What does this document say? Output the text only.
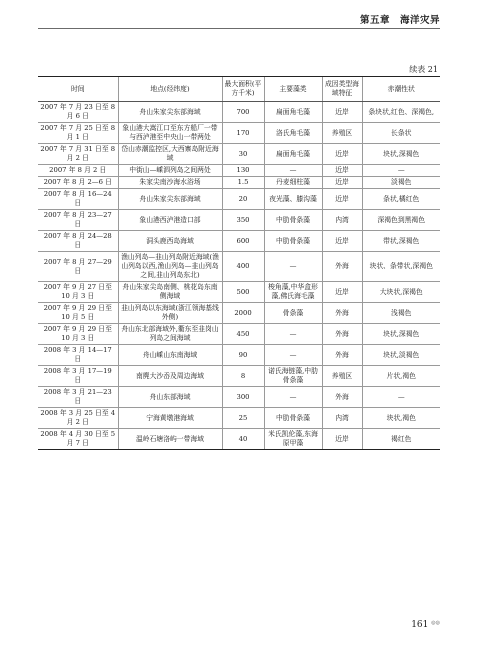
第五章　海洋灾异
续表 21
时间	地点(经纬度)	最大面积(平方千米)	主要藻类	成因类型海域特征	赤潮性状
2007 年 7 月 23 日至 8 月 6 日	舟山朱家尖东部海域	700	扁面角毛藻	近岸	条块状,红色、深褐色,
2007 年 7 月 25 日至 8 月 1 日	象山港大嵩江口至东方船厂一带与西泸港至中央山一带两处	170	洛氏角毛藻	养殖区	长条状
2007 年 7 月 31 日至 8 月 2 日	岱山赤潮监控区,大西寨岛附近海域	30	扁面角毛藻	近岸	块状,深褐色
2007 年 8 月 2 日	中街山—嵊泗列岛之间两处	130	—	近岸	—
2007 年 8 月 2—6 日	朱家尖南沙海水浴场	1.5	丹麦细柱藻	近岸	淡褐色
2007 年 8 月 16—24 日	舟山朱家尖东部海域	20	夜光藻、膝沟藻	近岸	条状,橘红色
2007 年 8 月 23—27 日	象山港西泸港造口部	350	中肋骨条藻	内湾	深褐色到黑褐色
2007 年 8 月 24—28 日	洞头鹿西岛海域	600	中肋骨条藻	近岸	带状,深褐色
2007 年 8 月 27—29 日	渔山列岛—韭山列岛附近海域(渔山列岛以西,渔山列岛—韭山列岛之间,韭山列岛东北)	400	—	外海	块状、条带状,深褐色
2007 年 9 月 27 日至 10 月 3 日	舟山朱家尖岛南侧、桃花岛东南侧海域	500	梭角藻,中华盒形藻,佛氏海毛藻	近岸	大块状,深褐色
2007 年 9 月 29 日至 10 月 5 日	韭山列岛以东海域(浙江领海基线外侧)	2000	骨条藻	外海	浅褐色
2007 年 9 月 29 日至 10 月 3 日	舟山东北部海域外,衢东至韭岗山列岛之间海域	450	—	外海	块状,深褐色
2008 年 3 月 14—17 日	舟山嵊山东南海域	90	—	外海	块状,淡褐色
2008 年 3 月 17—19 日	南麂大沙岙及周边海域	8	诺氏海链藻,中肋骨条藻	养殖区	片状,褐色
2008 年 3 月 21—23 日	舟山东部海域	300	—	外海	—
2008 年 3 月 25 日至 4 月 2 日	宁海黄墩港海域	25	中肋骨条藻	内湾	块状,褐色
2008 年 4 月 30 日至 5 月 7 日	温岭石塘洛屿一带海域	40	米氏凯伦藻,东海原甲藻	近岸	褐红色
161 ◎◎
